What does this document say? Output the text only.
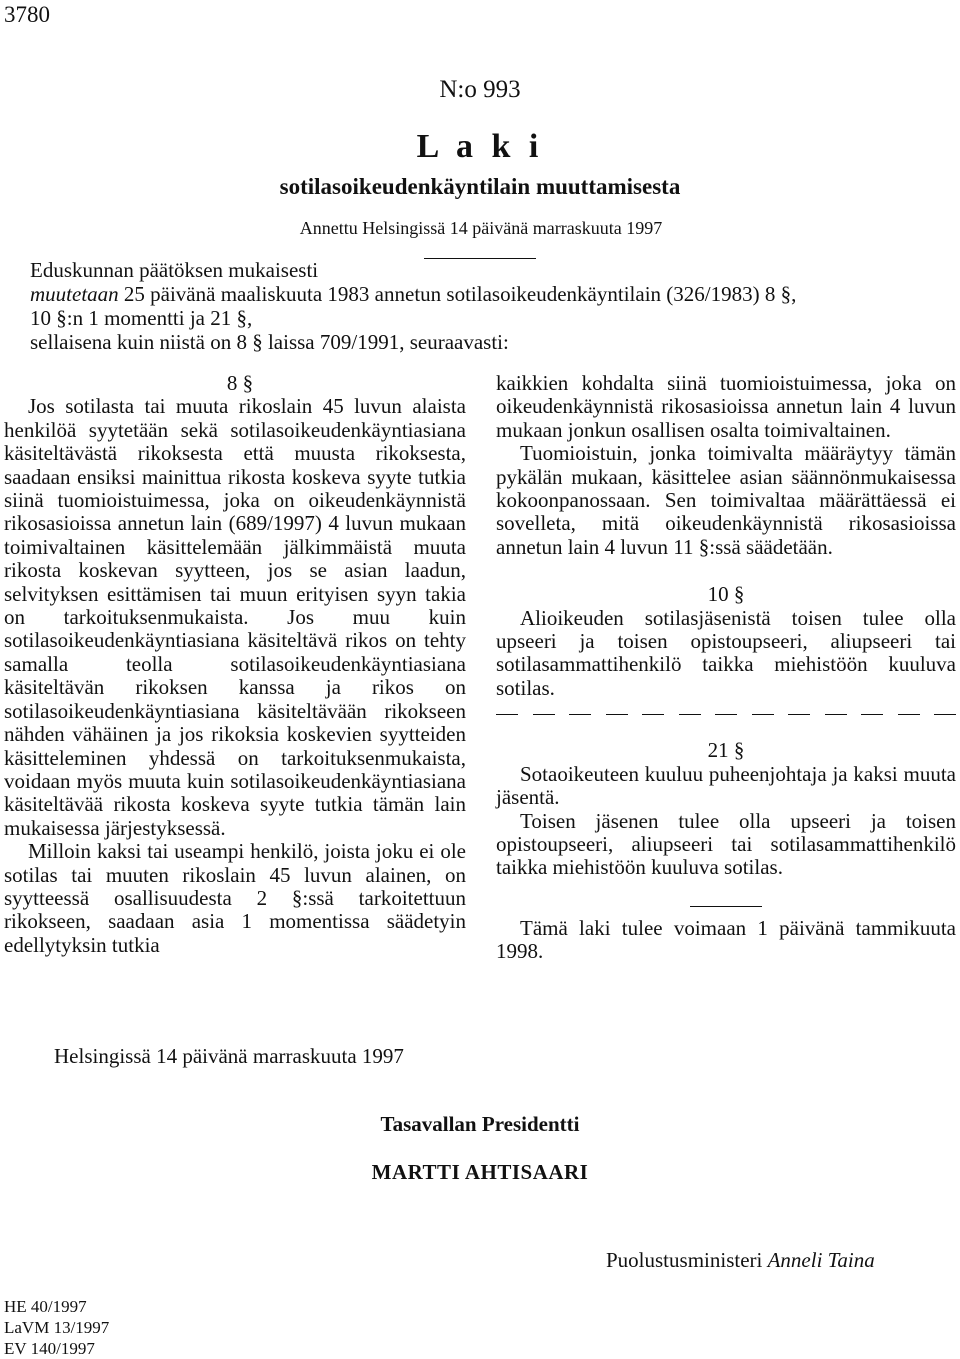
3780
N:o 993
L a k i
sotilasoikeudenkäyntilain muuttamisesta
Annettu Helsingissä 14 päivänä marraskuuta 1997

Eduskunnan päätöksen mukaisesti

muutetaan 25 päivänä maaliskuuta 1983 annetun sotilasoikeudenkäyntilain (326/1983) 8 §,

10 §:n 1 momentti ja 21 §,

sellaisena kuin niistä on 8 § laissa 709/1991, seuraavasti:

8 §

Jos sotilasta tai muuta rikoslain 45 luvun alaista henkilöä syytetään sekä sotilasoikeudenkäyntiasiana käsiteltävästä rikoksesta että muusta rikoksesta, saadaan ensiksi mainittua rikosta koskeva syyte tutkia siinä tuomioistuimessa, joka on oikeudenkäynnistä rikosasioissa annetun lain (689/1997) 4 luvun mukaan toimivaltainen käsittelemään jälkimmäistä muuta rikosta koskevan syytteen, jos se asian laadun, selvityksen esittämisen tai muun erityisen syyn takia on tarkoituksenmukaista. Jos muu kuin sotilasoikeudenkäyntiasiana käsiteltävä rikos on tehty samalla teolla sotilasoikeudenkäyntiasiana käsiteltävän rikoksen kanssa ja rikos on sotilasoikeudenkäyntiasiana käsiteltävään rikokseen nähden vähäinen ja jos rikoksia koskevien syytteiden käsitteleminen yhdessä on tarkoituksenmukaista, voidaan myös muuta kuin sotilasoikeudenkäyntiasiana käsiteltävää rikosta koskeva syyte tutkia tämän lain mukaisessa järjestyksessä.

Milloin kaksi tai useampi henkilö, joista joku ei ole sotilas tai muuten rikoslain 45 luvun alainen, on syytteessä osallisuudesta 2 §:ssä tarkoitettuun rikokseen, saadaan asia 1 momentissa säädetyin edellytyksin tutkia

kaikkien kohdalta siinä tuomioistuimessa, joka on oikeudenkäynnistä rikosasioissa annetun lain 4 luvun mukaan jonkun osallisen osalta toimivaltainen.

Tuomioistuin, jonka toimivalta määräytyy tämän pykälän mukaan, käsittelee asian säännönmukaisessa kokoonpanossaan. Sen toimivaltaa määrättäessä ei sovelleta, mitä oikeudenkäynnistä rikosasioissa annetun lain 4 luvun 11 §:ssä säädetään.

10 §

Alioikeuden sotilasjäsenistä toisen tulee olla upseeri ja toisen opistoupseeri, aliupseeri tai sotilasammattihenkilö taikka miehistöön kuuluva sotilas.

21 §

Sotaoikeuteen kuuluu puheenjohtaja ja kaksi muuta jäsentä.

Toisen jäsenen tulee olla upseeri ja toisen opistoupseeri, aliupseeri tai sotilasammattihenkilö taikka miehistöön kuuluva sotilas.

Tämä laki tulee voimaan 1 päivänä tammikuuta 1998.

Helsingissä 14 päivänä marraskuuta 1997
Tasavallan Presidentti
MARTTI AHTISAARI
Puolustusministeri Anneli Taina
HE 40/1997
LaVM 13/1997
EV 140/1997
